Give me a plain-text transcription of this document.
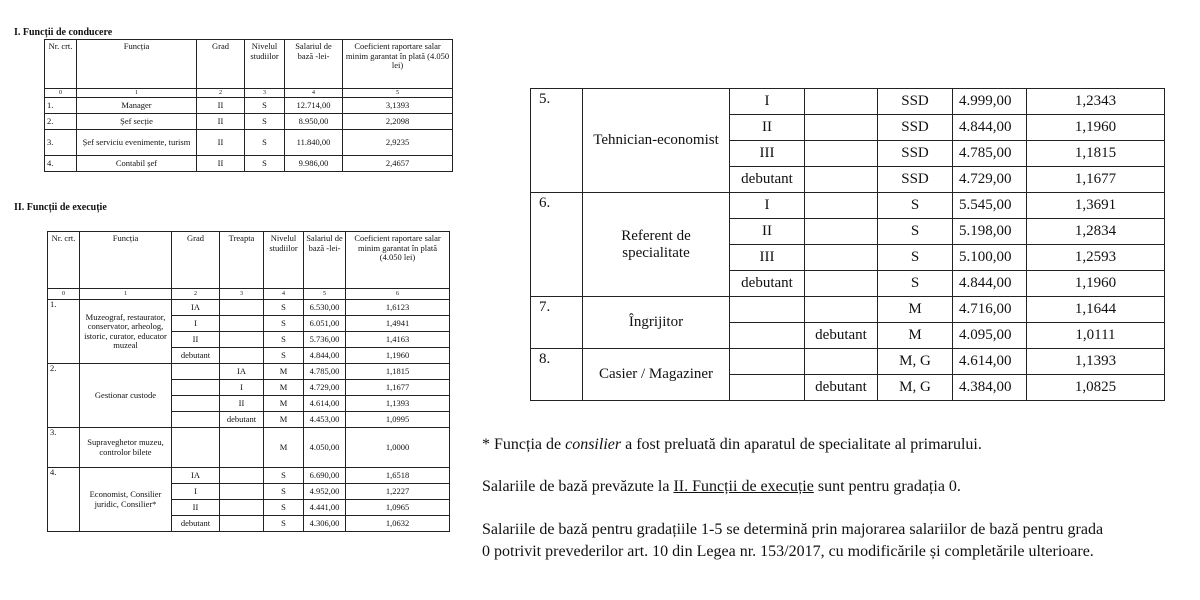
I. Funcții de conducere
Nr. crt.	Funcția	Grad	Nivelul studiilor	Salariul de bază -lei-	Coeficient raportare salar minim garantat în plată (4.050 lei)
0	1	2	3	4	5
1.	Manager	II	S	12.714,00	3,1393
2.	Șef secție	II	S	8.950,00	2,2098
3.	Șef serviciu evenimente, turism	II	S	11.840,00	2,9235
4.	Contabil șef	II	S	9.986,00	2,4657
II. Funcții de execuție
Nr. crt.	Funcția	Grad	Treapta	Nivelul studiilor	Salariul de bază -lei-	Coeficient raportare salar minim garantat în plată (4.050 lei)
0	1	2	3	4	5	6
1.	Muzeograf, restaurator, conservator, arheolog, istoric, curator, educator muzeal	IA		S	6.530,00	1,6123
		I		S	6.051,00	1,4941
		II		S	5.736,00	1,4163
		debutant		S	4.844,00	1,1960
2.	Gestionar custode		IA	M	4.785,00	1,1815
			I	M	4.729,00	1,1677
			II	M	4.614,00	1,1393
			debutant	M	4.453,00	1,0995
3.	Supraveghetor muzeu, controlor bilete			M	4.050,00	1,0000
4.	Economist, Consilier juridic, Consilier*	IA		S	6.690,00	1,6518
		I		S	4.952,00	1,2227
		II		S	4.441,00	1,0965
		debutant		S	4.306,00	1,0632
5.	Tehnician-economist	I		SSD	4.999,00	1,2343
		II		SSD	4.844,00	1,1960
		III		SSD	4.785,00	1,1815
		debutant		SSD	4.729,00	1,1677
6.	Referent de specialitate	I		S	5.545,00	1,3691
		II		S	5.198,00	1,2834
		III		S	5.100,00	1,2593
		debutant		S	4.844,00	1,1960
7.	Îngrijitor			M	4.716,00	1,1644
			debutant	M	4.095,00	1,0111
8.	Casier / Magaziner			M, G	4.614,00	1,1393
			debutant	M, G	4.384,00	1,0825
* Funcția de consilier a fost preluată din aparatul de specialitate al primarului.
Salariile de bază prevăzute la II. Funcții de execuție sunt pentru gradația 0.
Salariile de bază pentru gradațiile 1-5 se determină prin majorarea salariilor de bază pentru grada
0 potrivit prevederilor art. 10 din Legea nr. 153/2017, cu modificările și completările ulterioare.
